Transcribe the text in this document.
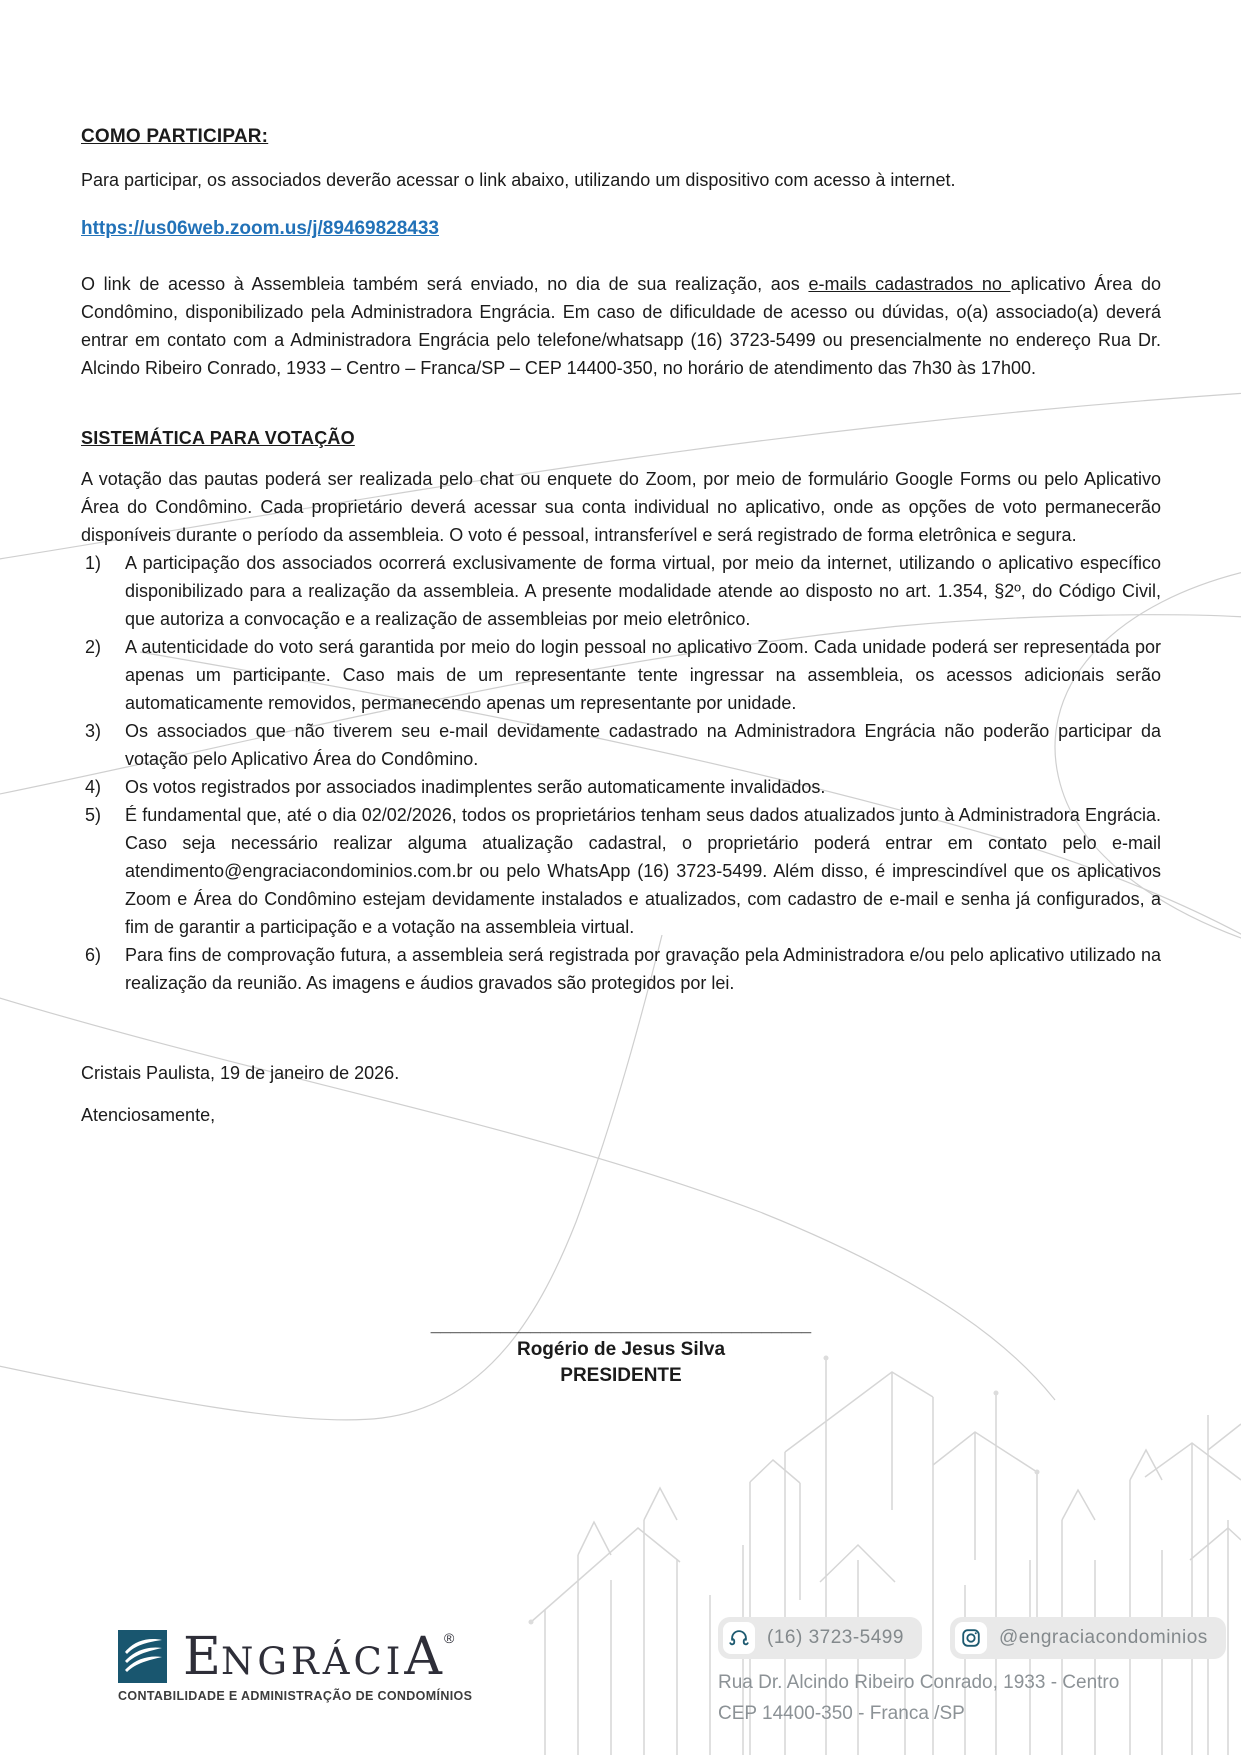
COMO PARTICIPAR:

Para participar, os associados deverão acessar o link abaixo, utilizando um dispositivo com acesso à internet.

https://us06web.zoom.us/j/89469828433

O link de acesso à Assembleia também será enviado, no dia de sua realização, aos e-mails cadastrados no aplicativo Área do Condômino, disponibilizado pela Administradora Engrácia. Em caso de dificuldade de acesso ou dúvidas, o(a) associado(a) deverá entrar em contato com a Administradora Engrácia pelo telefone/whatsapp (16) 3723-5499 ou presencialmente no endereço Rua Dr. Alcindo Ribeiro Conrado, 1933 – Centro – Franca/SP – CEP 14400-350, no horário de atendimento das 7h30 às 17h00.

SISTEMÁTICA PARA VOTAÇÃO

A votação das pautas poderá ser realizada pelo chat ou enquete do Zoom, por meio de formulário Google Forms ou pelo Aplicativo Área do Condômino. Cada proprietário deverá acessar sua conta individual no aplicativo, onde as opções de voto permanecerão disponíveis durante o período da assembleia. O voto é pessoal, intransferível e será registrado de forma eletrônica e segura.

1)	A participação dos associados ocorrerá exclusivamente de forma virtual, por meio da internet, utilizando o aplicativo específico disponibilizado para a realização da assembleia. A presente modalidade atende ao disposto no art. 1.354, §2º, do Código Civil, que autoriza a convocação e a realização de assembleias por meio eletrônico.
2)	A autenticidade do voto será garantida por meio do login pessoal no aplicativo Zoom. Cada unidade poderá ser representada por apenas um participante. Caso mais de um representante tente ingressar na assembleia, os acessos adicionais serão automaticamente removidos, permanecendo apenas um representante por unidade.
3)	Os associados que não tiverem seu e-mail devidamente cadastrado na Administradora Engrácia não poderão participar da votação pelo Aplicativo Área do Condômino.
4)	Os votos registrados por associados inadimplentes serão automaticamente invalidados.
5)	É fundamental que, até o dia 02/02/2026, todos os proprietários tenham seus dados atualizados junto à Administradora Engrácia. Caso seja necessário realizar alguma atualização cadastral, o proprietário poderá entrar em contato pelo e-mail atendimento@engraciacondominios.com.br ou pelo WhatsApp (16) 3723-5499. Além disso, é imprescindível que os aplicativos Zoom e Área do Condômino estejam devidamente instalados e atualizados, com cadastro de e-mail e senha já configurados, a fim de garantir a participação e a votação na assembleia virtual.
6)	Para fins de comprovação futura, a assembleia será registrada por gravação pela Administradora e/ou pelo aplicativo utilizado na realização da reunião. As imagens e áudios gravados são protegidos por lei.

Cristais Paulista, 19 de janeiro de 2026.

Atenciosamente,

______________________________________
Rogério de Jesus Silva
PRESIDENTE
E NGRÁCI A ®
CONTABILIDADE E ADMINISTRAÇÃO DE CONDOMÍNIOS
(16) 3723-5499	@engraciacondominios
Rua Dr. Alcindo Ribeiro Conrado, 1933 - Centro
CEP 14400-350 - Franca /SP
